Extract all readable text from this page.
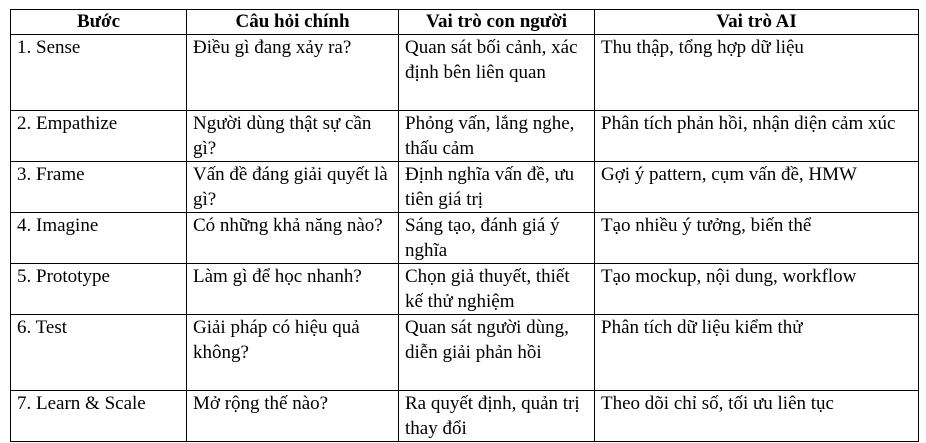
Bước	Câu hỏi chính	Vai trò con người	Vai trò AI
1. Sense	Điều gì đang xảy ra?	Quan sát bối cảnh, xác định bên liên quan	Thu thập, tổng hợp dữ liệu
2. Empathize	Người dùng thật sự cần gì?	Phỏng vấn, lắng nghe, thấu cảm	Phân tích phản hồi, nhận diện cảm xúc
3. Frame	Vấn đề đáng giải quyết là gì?	Định nghĩa vấn đề, ưu tiên giá trị	Gợi ý pattern, cụm vấn đề, HMW
4. Imagine	Có những khả năng nào?	Sáng tạo, đánh giá ý nghĩa	Tạo nhiều ý tưởng, biến thể
5. Prototype	Làm gì để học nhanh?	Chọn giả thuyết, thiết kế thử nghiệm	Tạo mockup, nội dung, workflow
6. Test	Giải pháp có hiệu quả không?	Quan sát người dùng, diễn giải phản hồi	Phân tích dữ liệu kiểm thử
7. Learn & Scale	Mở rộng thế nào?	Ra quyết định, quản trị thay đổi	Theo dõi chỉ số, tối ưu liên tục
